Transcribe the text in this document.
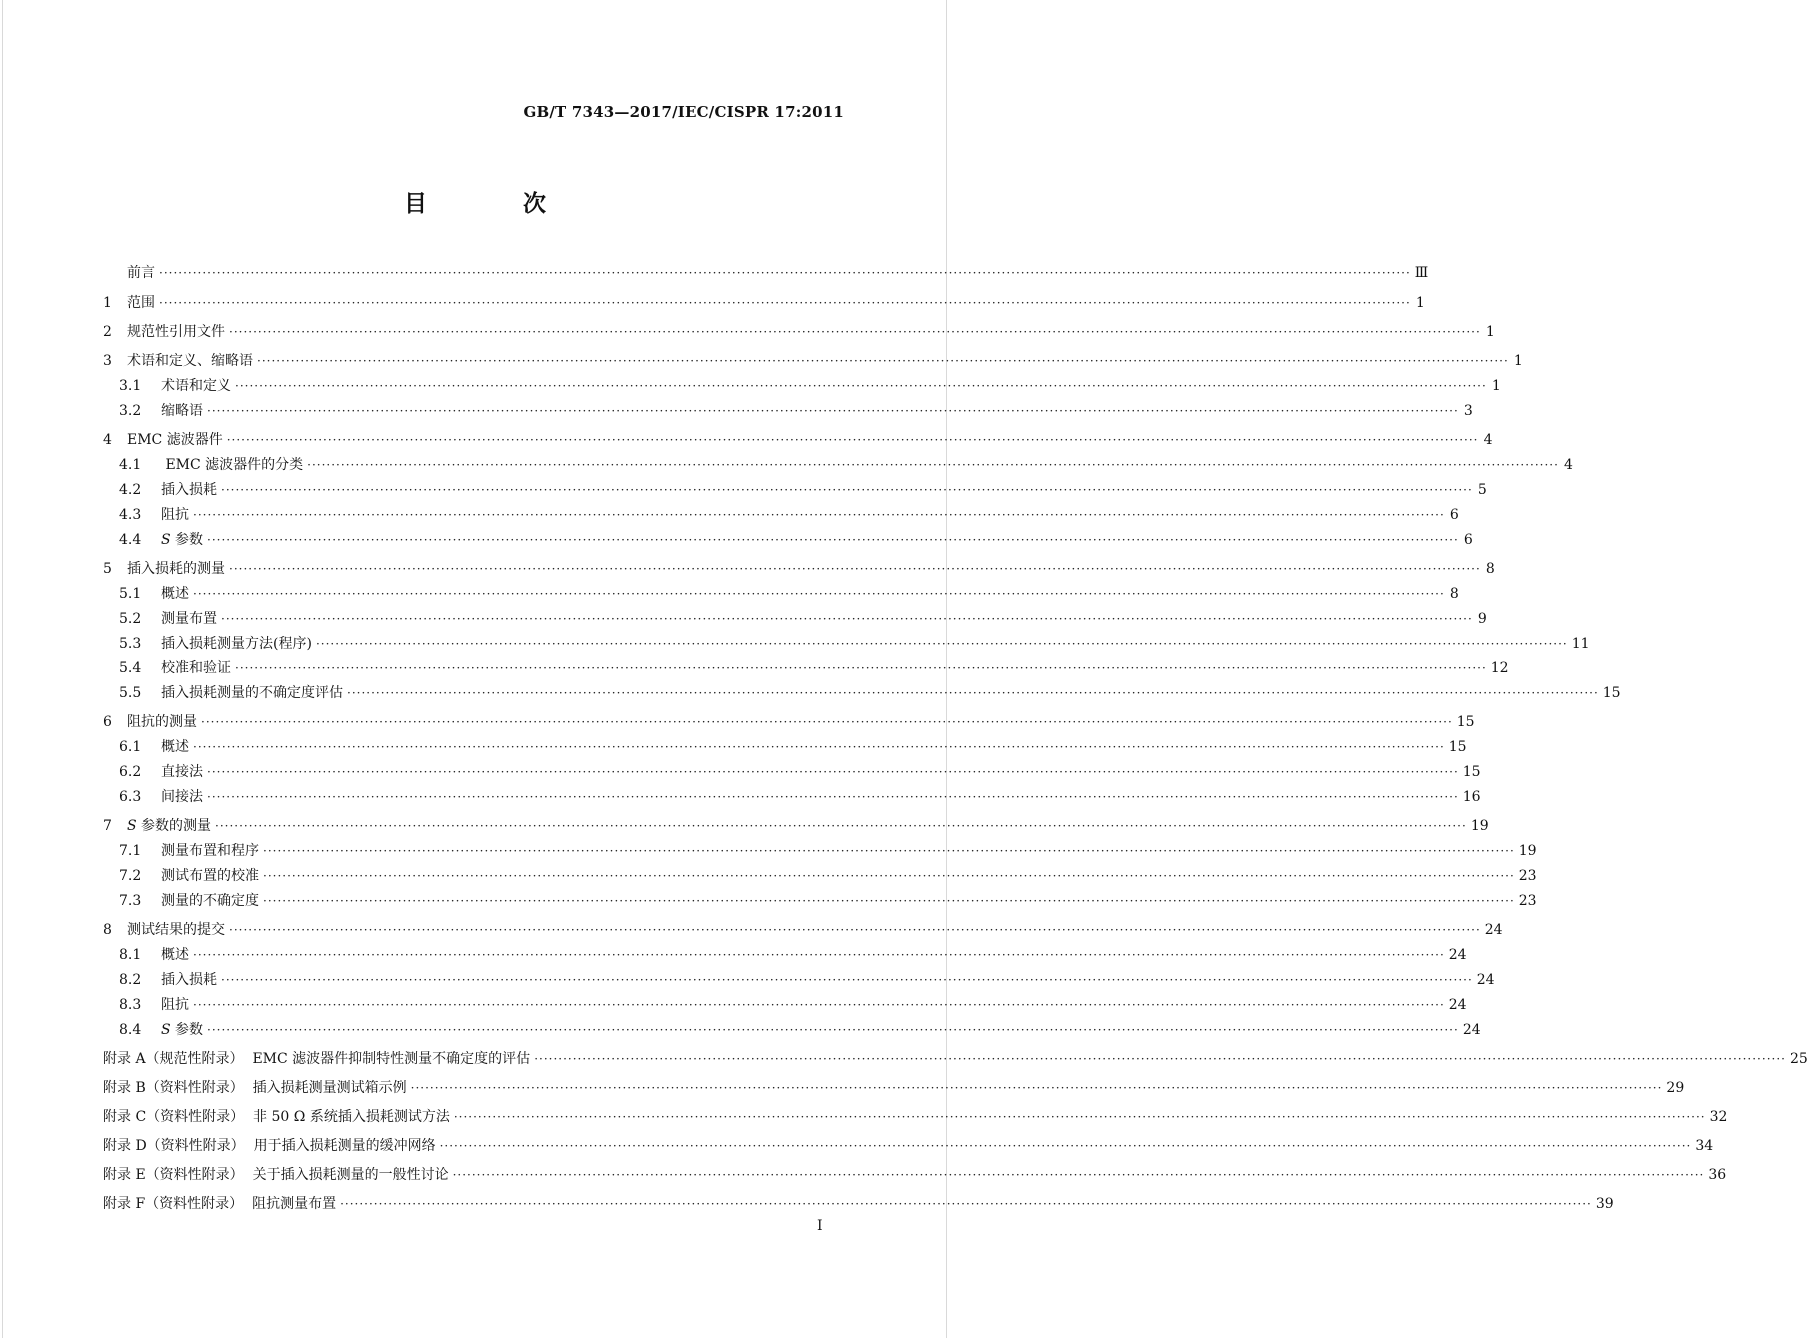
GB/T 7343—2017/IEC/CISPR 17:2011
目 次
前言 ···································································································································································································································································· Ⅲ
1	范围 ···································································································································································································································································· 1
2	规范性引用文件 ···································································································································································································································································· 1
3	术语和定义、缩略语 ···································································································································································································································································· 1
3.1	术语和定义 ···································································································································································································································································· 1
3.2	缩略语 ···································································································································································································································································· 3
4	EMC 滤波器件 ···································································································································································································································································· 4
4.1	EMC 滤波器件的分类 ···································································································································································································································································· 4
4.2	插入损耗 ···································································································································································································································································· 5
4.3	阻抗 ···································································································································································································································································· 6
4.4	S 参数 ···································································································································································································································································· 6
5	插入损耗的测量 ···································································································································································································································································· 8
5.1	概述 ···································································································································································································································································· 8
5.2	测量布置 ···································································································································································································································································· 9
5.3	插入损耗测量方法(程序) ···································································································································································································································································· 11
5.4	校准和验证 ···································································································································································································································································· 12
5.5	插入损耗测量的不确定度评估 ···································································································································································································································································· 15
6	阻抗的测量 ···································································································································································································································································· 15
6.1	概述 ···································································································································································································································································· 15
6.2	直接法 ···································································································································································································································································· 15
6.3	间接法 ···································································································································································································································································· 16
7	S 参数的测量 ···································································································································································································································································· 19
7.1	测量布置和程序 ···································································································································································································································································· 19
7.2	测试布置的校准 ···································································································································································································································································· 23
7.3	测量的不确定度 ···································································································································································································································································· 23
8	测试结果的提交 ···································································································································································································································································· 24
8.1	概述 ···································································································································································································································································· 24
8.2	插入损耗 ···································································································································································································································································· 24
8.3	阻抗 ···································································································································································································································································· 24
8.4	S 参数 ···································································································································································································································································· 24
附录 A（规范性附录）  EMC 滤波器件抑制特性测量不确定度的评估 ···································································································································································································································································· 25
附录 B（资料性附录）  插入损耗测量测试箱示例 ···································································································································································································································································· 29
附录 C（资料性附录）  非 50 Ω 系统插入损耗测试方法 ···································································································································································································································································· 32
附录 D（资料性附录）  用于插入损耗测量的缓冲网络 ···································································································································································································································································· 34
附录 E（资料性附录）  关于插入损耗测量的一般性讨论 ···································································································································································································································································· 36
附录 F（资料性附录）  阻抗测量布置 ···································································································································································································································································· 39
I
